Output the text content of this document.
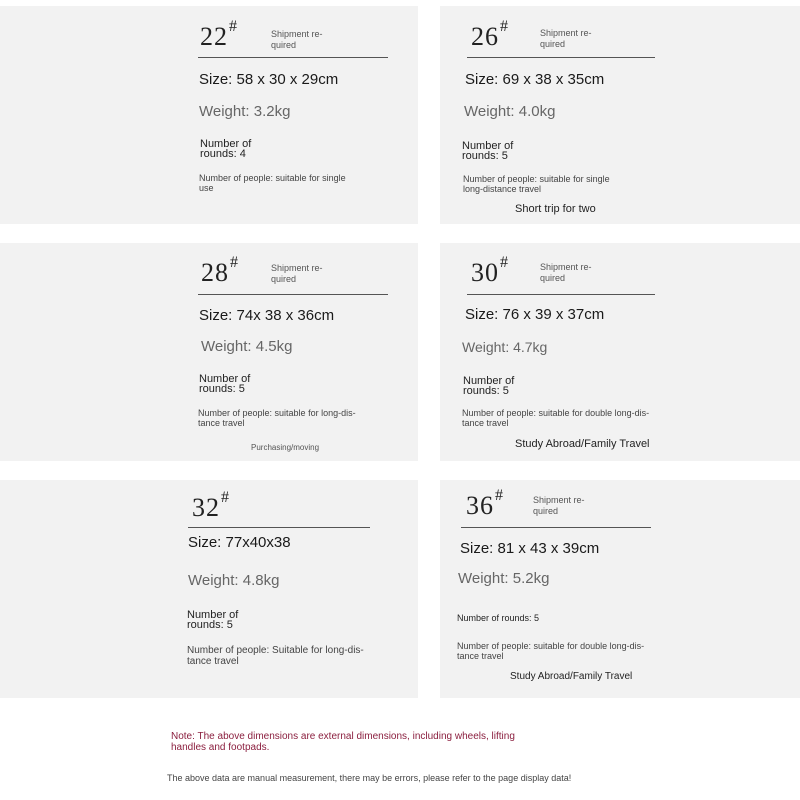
22#	Shipment re-
quired
Size: 58 x 30 x 29cm
Weight: 3.2kg
Number of
rounds: 4
Number of people: suitable for single
use
26#	Shipment re-
quired
Size: 69 x 38 x 35cm
Weight: 4.0kg
Number of
rounds: 5
Number of people: suitable for single
long-distance travel
Short trip for two
28#	Shipment re-
quired
Size: 74x 38 x 36cm
Weight: 4.5kg
Number of
rounds: 5
Number of people: suitable for long-dis-
tance travel
Purchasing/moving
30#	Shipment re-
quired
Size: 76 x 39 x 37cm
Weight: 4.7kg
Number of
rounds: 5
Number of people: suitable for double long-dis-
tance travel
Study Abroad/Family Travel
32#
Size: 77x40x38
Weight: 4.8kg
Number of
rounds: 5
Number of people: Suitable for long-dis-
tance travel
36#	Shipment re-
quired
Size: 81 x 43 x 39cm
Weight: 5.2kg
Number of rounds: 5
Number of people: suitable for double long-dis-
tance travel
Study Abroad/Family Travel
Note: The above dimensions are external dimensions, including wheels, lifting handles and footpads.
The above data are manual measurement, there may be errors, please refer to the page display data!
